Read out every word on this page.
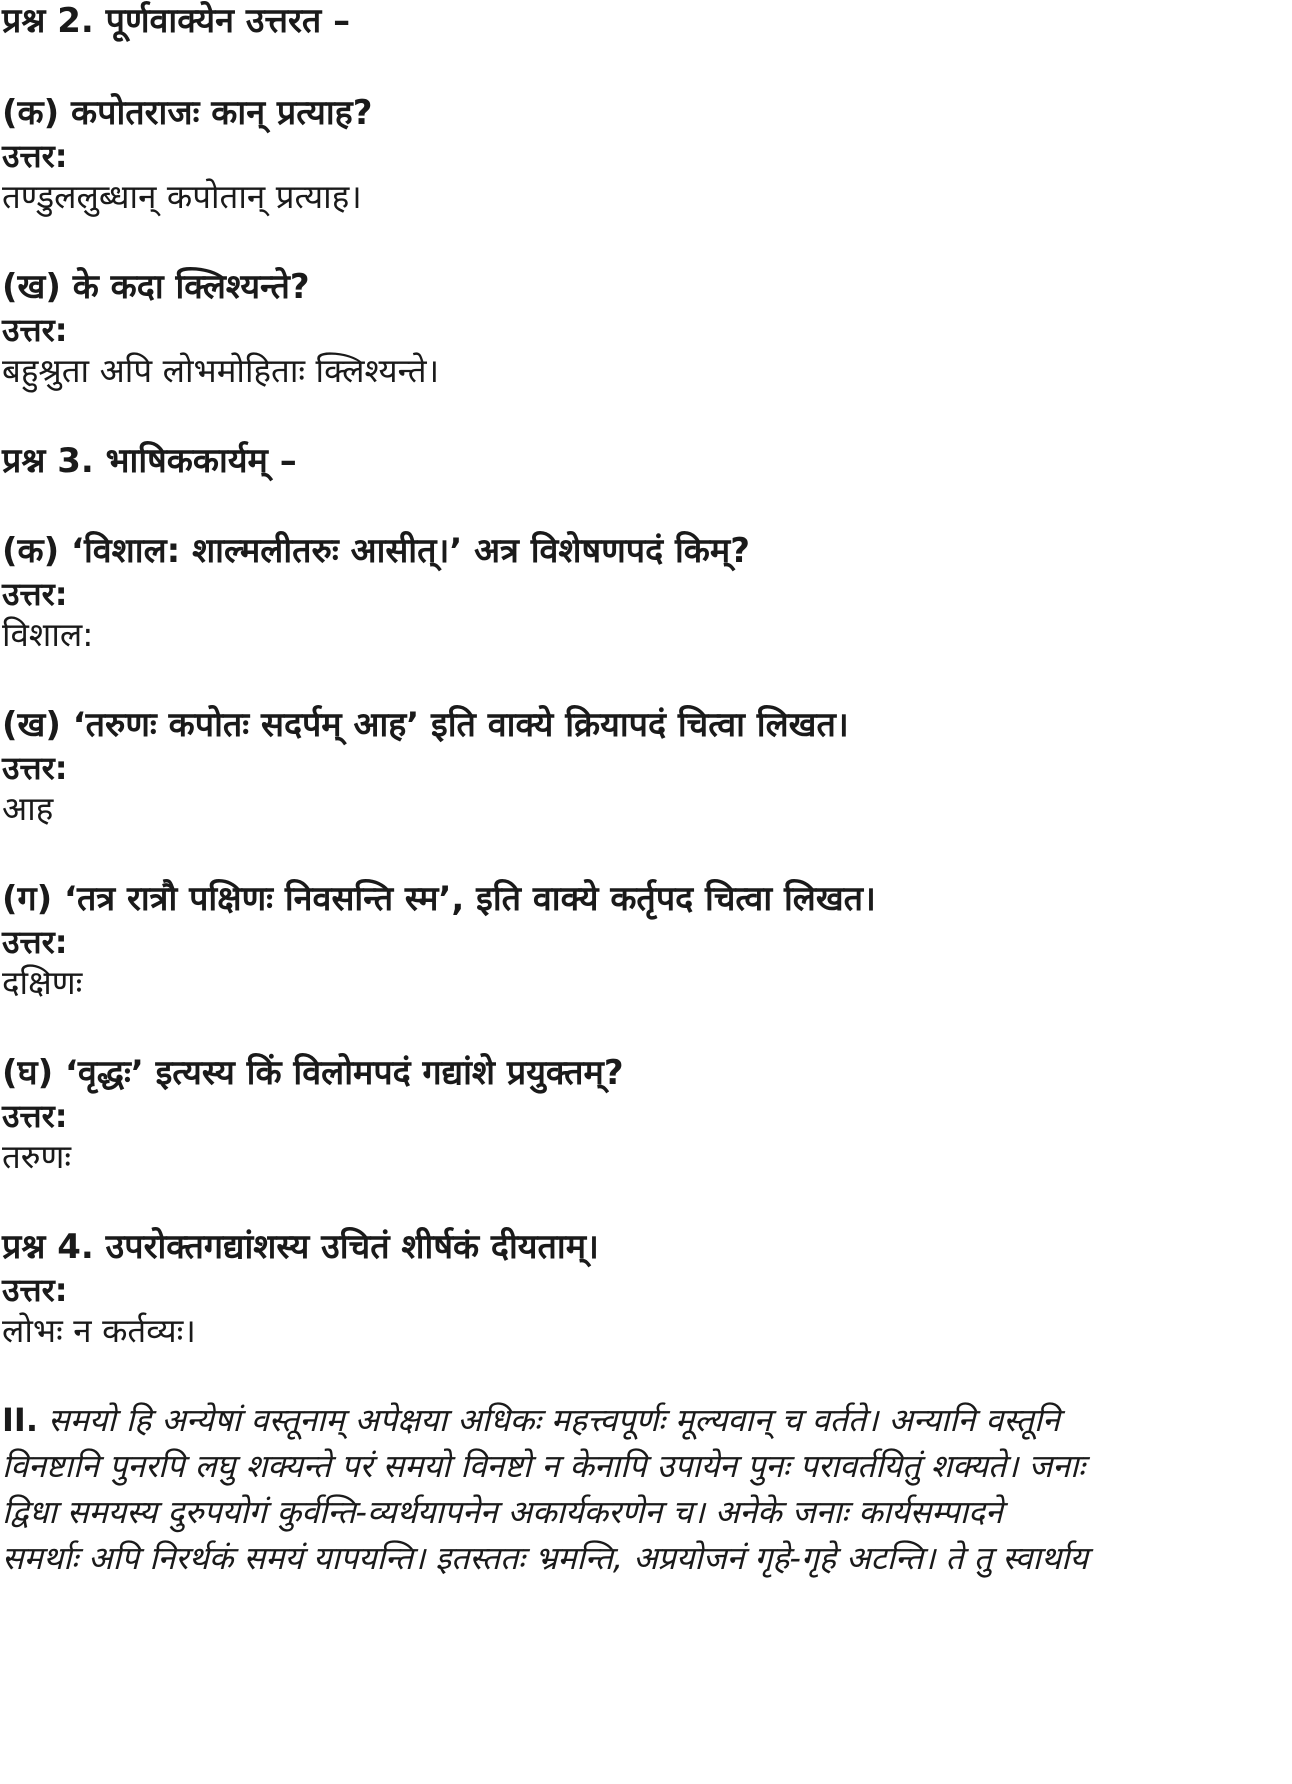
प्रश्न 2. पूर्णवाक्येन उत्तरत –
(क) कपोतराजः कान् प्रत्याह?
उत्तर:
तण्डुललुब्धान् कपोतान् प्रत्याह।
(ख) के कदा क्लिश्यन्ते?
उत्तर:
बहुश्रुता अपि लोभमोहिताः क्लिश्यन्ते।
प्रश्न 3. भाषिककार्यम् –
(क) ‘विशाल: शाल्मलीतरुः आसीत्।’ अत्र विशेषणपदं किम्?
उत्तर:
विशाल:
(ख) ‘तरुणः कपोतः सदर्पम् आह’ इति वाक्ये क्रियापदं चित्वा लिखत।
उत्तर:
आह
(ग) ‘तत्र रात्रौ पक्षिणः निवसन्ति स्म’, इति वाक्ये कर्तृपद चित्वा लिखत।
उत्तर:
दक्षिणः
(घ) ‘वृद्धः’ इत्यस्य किं विलोमपदं गद्यांशे प्रयुक्तम्?
उत्तर:
तरुणः
प्रश्न 4. उपरोक्तगद्यांशस्य उचितं शीर्षकं दीयताम्।
उत्तर:
लोभः न कर्तव्यः।
II. समयो हि अन्येषां वस्तूनाम् अपेक्षया अधिकः महत्त्वपूर्णः मूल्यवान् च वर्तते। अन्यानि वस्तूनि
विनष्टानि पुनरपि लघु शक्यन्ते परं समयो विनष्टो न केनापि उपायेन पुनः परावर्तयितुं शक्यते। जनाः
द्विधा समयस्य दुरुपयोगं कुर्वन्ति-व्यर्थयापनेन अकार्यकरणेन च। अनेके जनाः कार्यसम्पादने
समर्थाः अपि निरर्थकं समयं यापयन्ति। इतस्ततः भ्रमन्ति, अप्रयोजनं गृहे-गृहे अटन्ति। ते तु स्वार्थाय
